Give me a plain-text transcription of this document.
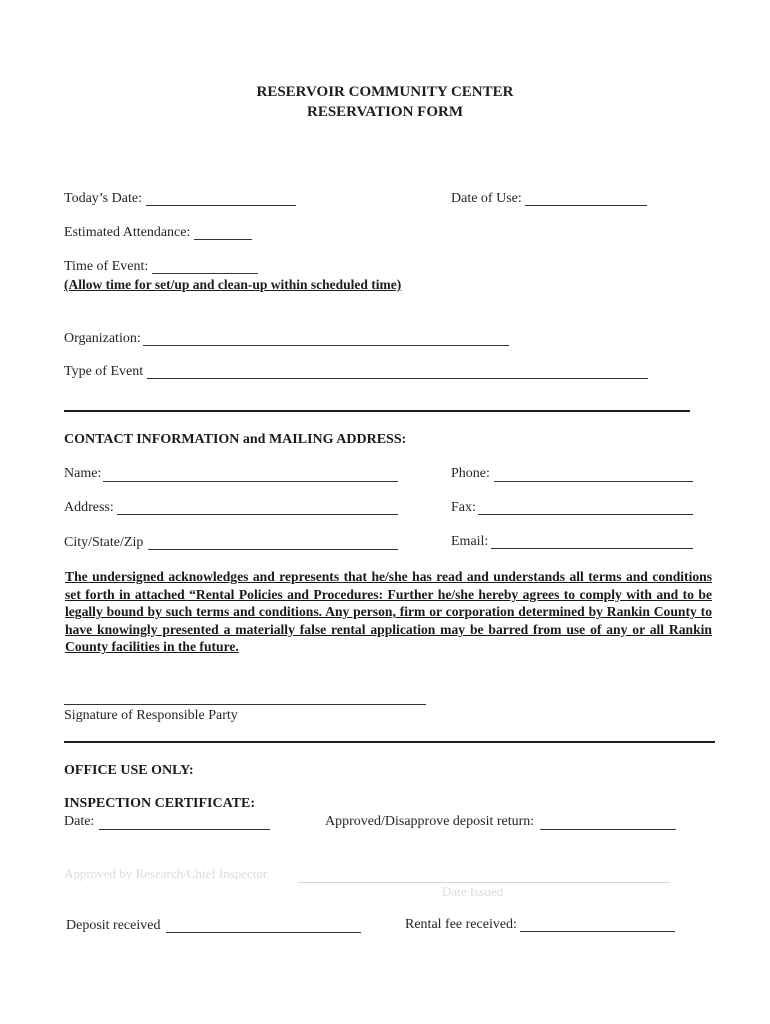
RESERVOIR COMMUNITY CENTER
RESERVATION FORM
Today’s Date:	Date of Use:
Estimated Attendance:
Time of Event:
(Allow time for set/up and clean-up within scheduled time)
Organization:
Type of Event
CONTACT INFORMATION and MAILING ADDRESS:
Name:	Phone:
Address:	Fax:
City/State/Zip	Email:
The undersigned acknowledges and represents that he/she has read and understands all terms and conditions set forth in attached “Rental Policies and Procedures: Further he/she hereby agrees to comply with and to be legally bound by such terms and conditions. Any person, firm or corporation determined by Rankin County to have knowingly presented a materially false rental application may be barred from use of any or all Rankin County facilities in the future.
Signature of Responsible Party
OFFICE USE ONLY:
INSPECTION CERTIFICATE:
Date:	Approved/Disapprove deposit return:
Approved by Research/Chief Inspector
Date Issued
Deposit received	Rental fee received:
